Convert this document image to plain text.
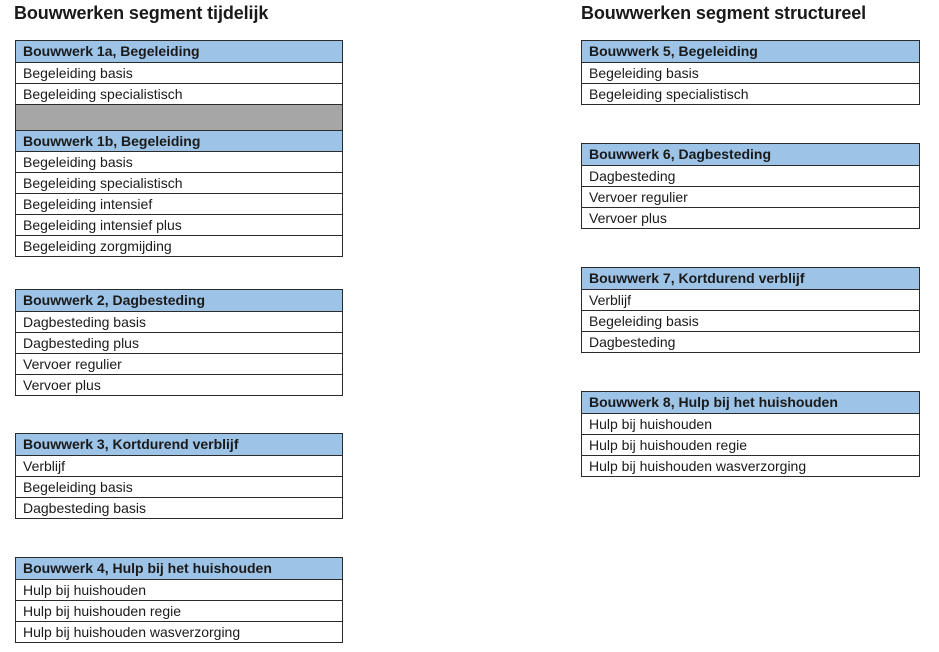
Bouwwerken segment tijdelijk	Bouwwerken segment structureel
Bouwwerk 1a, Begeleiding
Begeleiding basis
Begeleiding specialistisch
Bouwwerk 1b, Begeleiding
Begeleiding basis
Begeleiding specialistisch
Begeleiding intensief
Begeleiding intensief plus
Begeleiding zorgmijding
Bouwwerk 2, Dagbesteding
Dagbesteding basis
Dagbesteding plus
Vervoer regulier
Vervoer plus
Bouwwerk 3, Kortdurend verblijf
Verblijf
Begeleiding basis
Dagbesteding basis
Bouwwerk 4, Hulp bij het huishouden
Hulp bij huishouden
Hulp bij huishouden regie
Hulp bij huishouden wasverzorging
Bouwwerk 5, Begeleiding
Begeleiding basis
Begeleiding specialistisch
Bouwwerk 6, Dagbesteding
Dagbesteding
Vervoer regulier
Vervoer plus
Bouwwerk 7, Kortdurend verblijf
Verblijf
Begeleiding basis
Dagbesteding
Bouwwerk 8, Hulp bij het huishouden
Hulp bij huishouden
Hulp bij huishouden regie
Hulp bij huishouden wasverzorging
